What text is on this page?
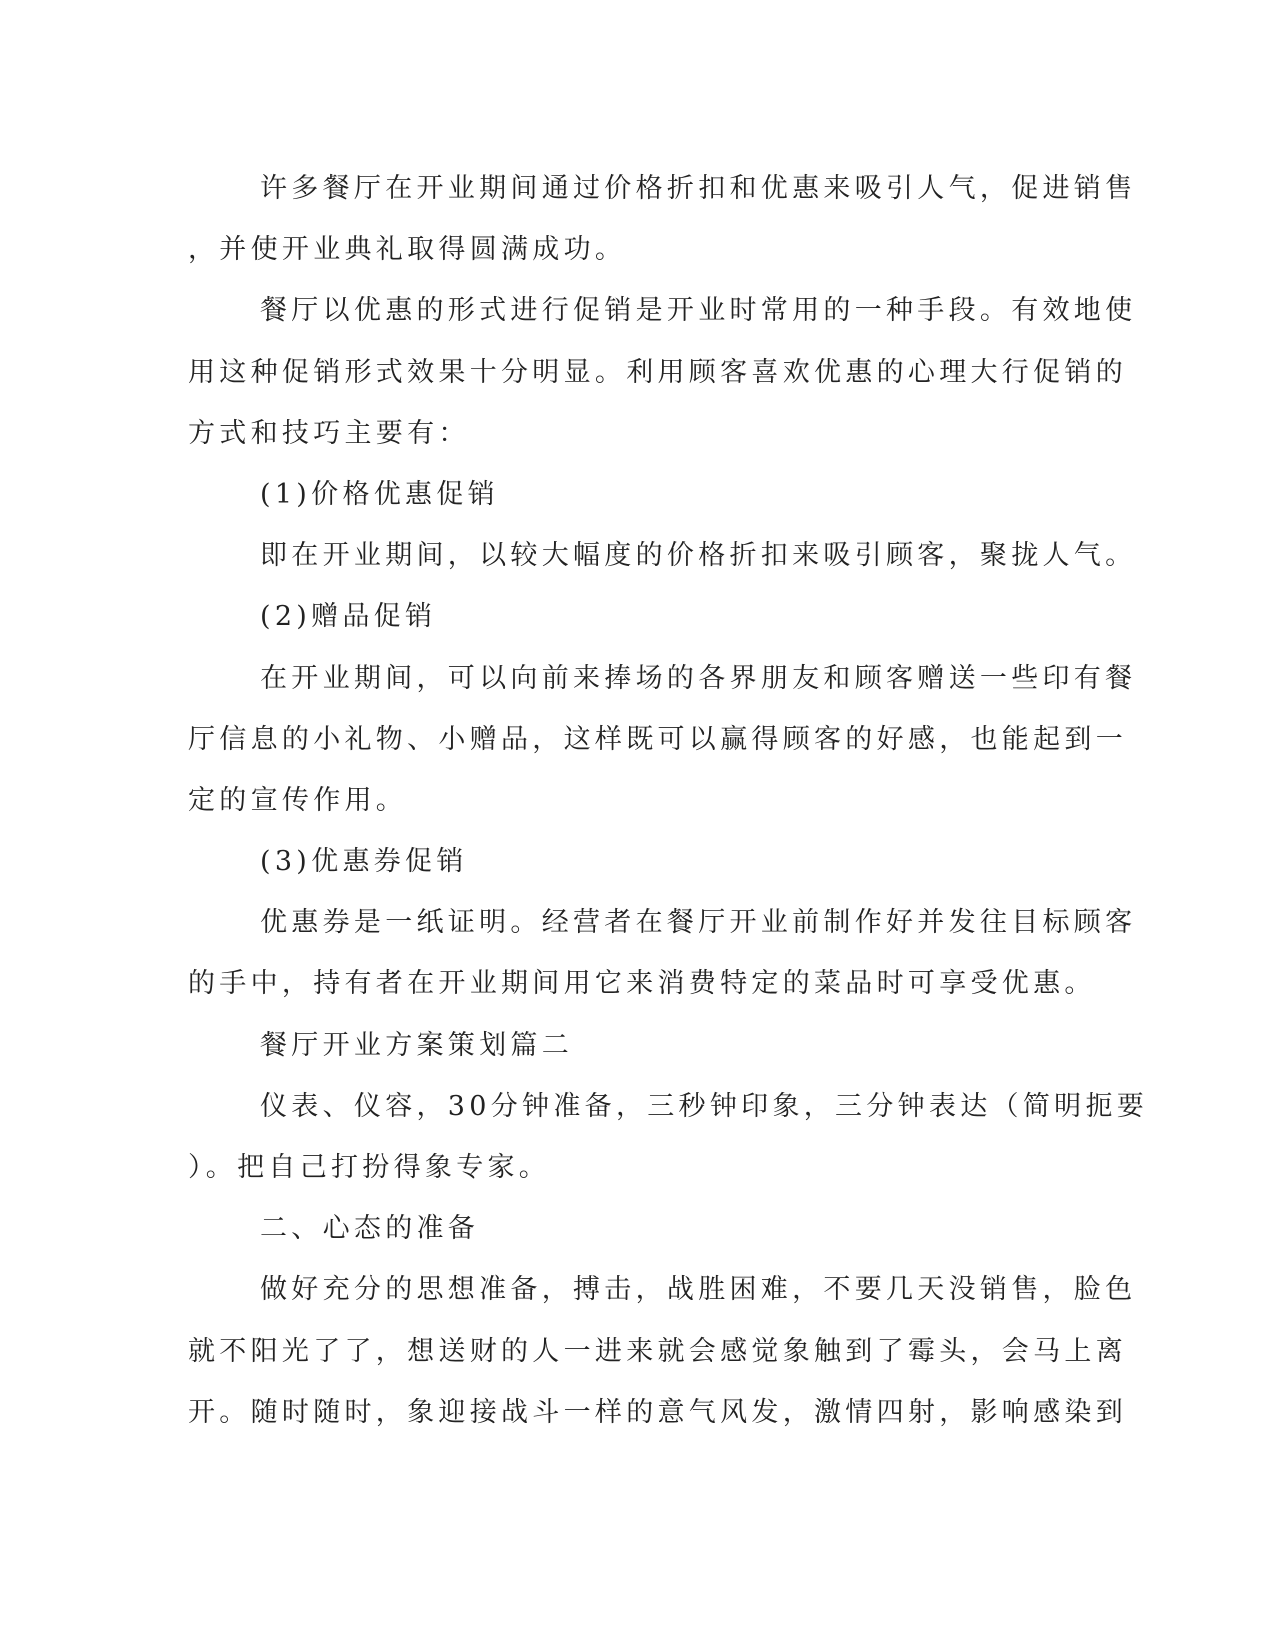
许多餐厅在开业期间通过价格折扣和优惠来吸引人气，促进销售
，并使开业典礼取得圆满成功。
餐厅以优惠的形式进行促销是开业时常用的一种手段。有效地使
用这种促销形式效果十分明显。利用顾客喜欢优惠的心理大行促销的
方式和技巧主要有：
(1)价格优惠促销
即在开业期间，以较大幅度的价格折扣来吸引顾客，聚拢人气。
(2)赠品促销
在开业期间，可以向前来捧场的各界朋友和顾客赠送一些印有餐
厅信息的小礼物、小赠品，这样既可以赢得顾客的好感，也能起到一
定的宣传作用。
(3)优惠券促销
优惠券是一纸证明。经营者在餐厅开业前制作好并发往目标顾客
的手中，持有者在开业期间用它来消费特定的菜品时可享受优惠。
餐厅开业方案策划篇二
仪表、仪容，30分钟准备，三秒钟印象，三分钟表达（简明扼要
）。把自己打扮得象专家。
二、心态的准备
做好充分的思想准备，搏击，战胜困难，不要几天没销售，脸色
就不阳光了了，想送财的人一进来就会感觉象触到了霉头，会马上离
开。随时随时，象迎接战斗一样的意气风发，激情四射，影响感染到
